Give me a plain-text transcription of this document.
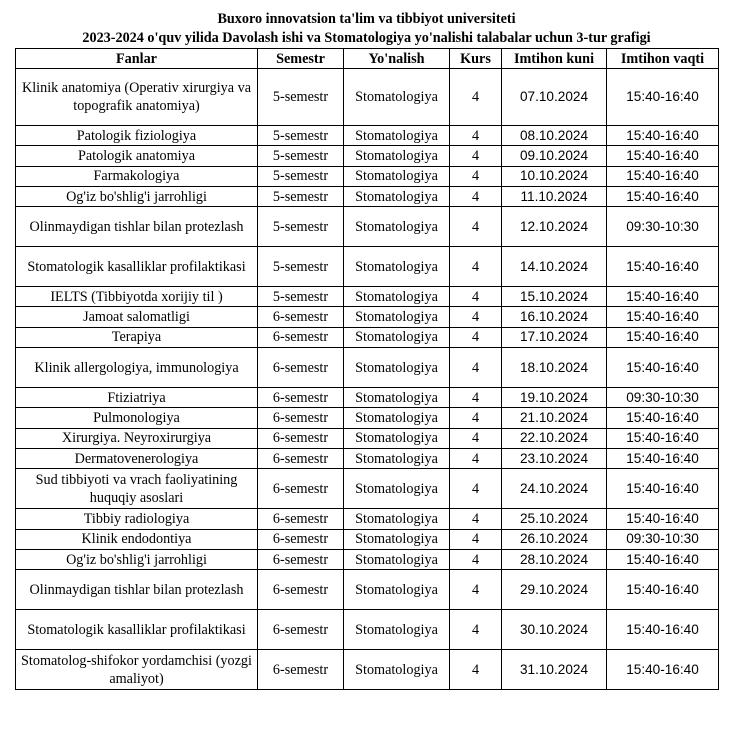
Buxoro innovatsion ta'lim va tibbiyot universiteti
2023-2024 o'quv yilida Davolash ishi va Stomatologiya yo'nalishi talabalar uchun 3-tur grafigi
Fanlar	Semestr	Yo'nalish	Kurs	Imtihon kuni	Imtihon vaqti
Klinik anatomiya (Operativ xirurgiya va topografik anatomiya)	5-semestr	Stomatologiya	4	07.10.2024	15:40-16:40
Patologik fiziologiya	5-semestr	Stomatologiya	4	08.10.2024	15:40-16:40
Patologik anatomiya	5-semestr	Stomatologiya	4	09.10.2024	15:40-16:40
Farmakologiya	5-semestr	Stomatologiya	4	10.10.2024	15:40-16:40
Og'iz bo'shlig'i jarrohligi	5-semestr	Stomatologiya	4	11.10.2024	15:40-16:40
Olinmaydigan tishlar bilan protezlash	5-semestr	Stomatologiya	4	12.10.2024	09:30-10:30
Stomatologik kasalliklar profilaktikasi	5-semestr	Stomatologiya	4	14.10.2024	15:40-16:40
IELTS (Tibbiyotda xorijiy til )	5-semestr	Stomatologiya	4	15.10.2024	15:40-16:40
Jamoat salomatligi	6-semestr	Stomatologiya	4	16.10.2024	15:40-16:40
Terapiya	6-semestr	Stomatologiya	4	17.10.2024	15:40-16:40
Klinik allergologiya, immunologiya	6-semestr	Stomatologiya	4	18.10.2024	15:40-16:40
Ftiziatriya	6-semestr	Stomatologiya	4	19.10.2024	09:30-10:30
Pulmonologiya	6-semestr	Stomatologiya	4	21.10.2024	15:40-16:40
Xirurgiya. Neyroxirurgiya	6-semestr	Stomatologiya	4	22.10.2024	15:40-16:40
Dermatovenerologiya	6-semestr	Stomatologiya	4	23.10.2024	15:40-16:40
Sud tibbiyoti va vrach faoliyatining huquqiy asoslari	6-semestr	Stomatologiya	4	24.10.2024	15:40-16:40
Tibbiy radiologiya	6-semestr	Stomatologiya	4	25.10.2024	15:40-16:40
Klinik endodontiya	6-semestr	Stomatologiya	4	26.10.2024	09:30-10:30
Og'iz bo'shlig'i jarrohligi	6-semestr	Stomatologiya	4	28.10.2024	15:40-16:40
Olinmaydigan tishlar bilan protezlash	6-semestr	Stomatologiya	4	29.10.2024	15:40-16:40
Stomatologik kasalliklar profilaktikasi	6-semestr	Stomatologiya	4	30.10.2024	15:40-16:40
Stomatolog-shifokor yordamchisi (yozgi amaliyot)	6-semestr	Stomatologiya	4	31.10.2024	15:40-16:40
